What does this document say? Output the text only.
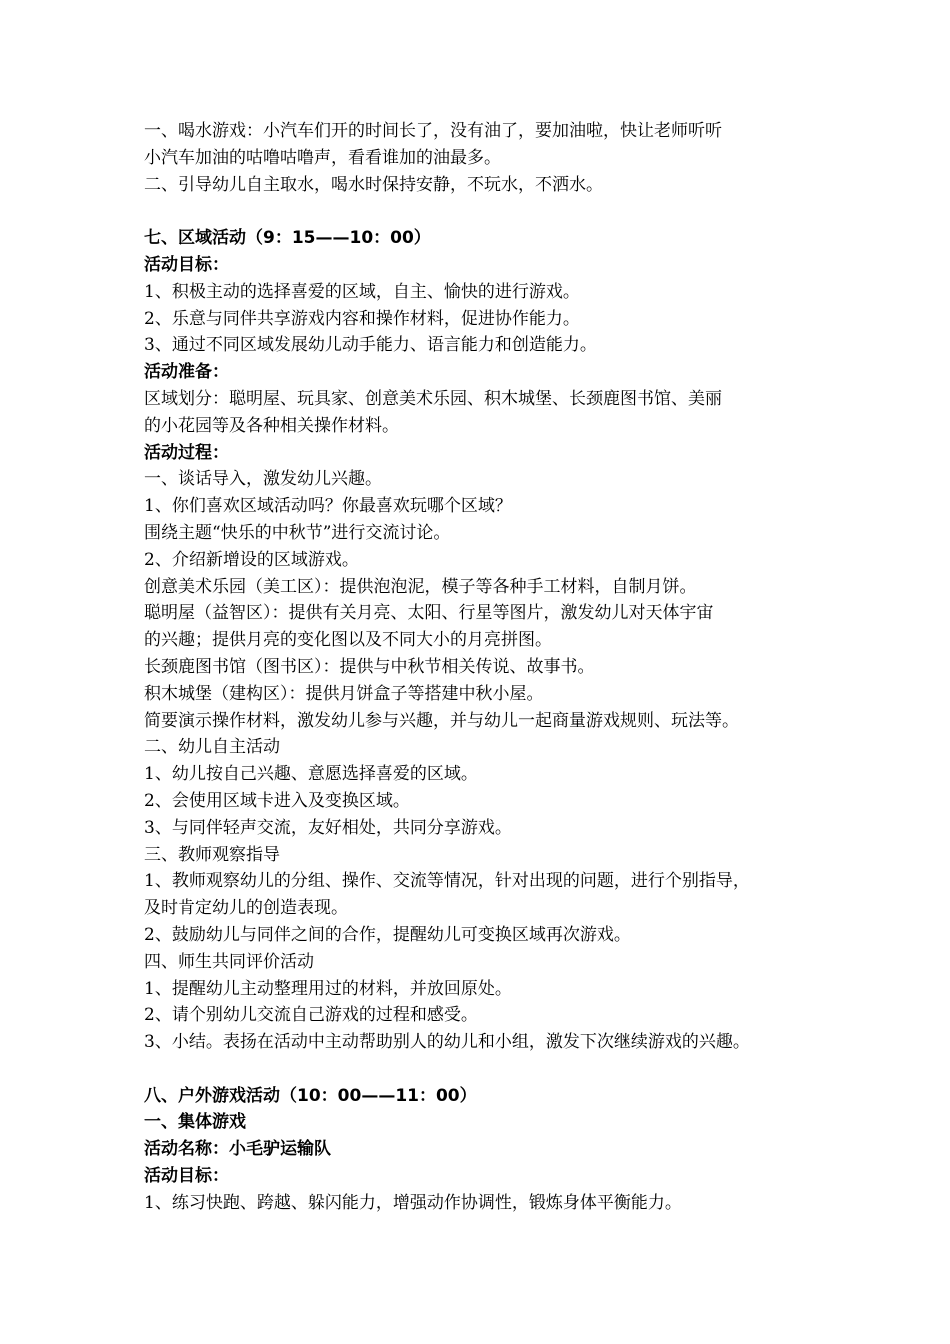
一、喝水游戏：小汽车们开的时间长了，没有油了，要加油啦，快让老师听听
小汽车加油的咕噜咕噜声，看看谁加的油最多。
二、引导幼儿自主取水，喝水时保持安静，不玩水，不洒水。
七、区域活动（9：15——10：00）
活动目标：
1、积极主动的选择喜爱的区域，自主、愉快的进行游戏。
2、乐意与同伴共享游戏内容和操作材料，促进协作能力。
3、通过不同区域发展幼儿动手能力、语言能力和创造能力。
活动准备：
区域划分：聪明屋、玩具家、创意美术乐园、积木城堡、长颈鹿图书馆、美丽
的小花园等及各种相关操作材料。
活动过程：
一、谈话导入，激发幼儿兴趣。
1、你们喜欢区域活动吗？你最喜欢玩哪个区域？
围绕主题“快乐的中秋节”进行交流讨论。
2、介绍新增设的区域游戏。
创意美术乐园（美工区）：提供泡泡泥，模子等各种手工材料，自制月饼。
聪明屋（益智区）：提供有关月亮、太阳、行星等图片，激发幼儿对天体宇宙
的兴趣；提供月亮的变化图以及不同大小的月亮拼图。
长颈鹿图书馆（图书区）：提供与中秋节相关传说、故事书。
积木城堡（建构区）：提供月饼盒子等搭建中秋小屋。
简要演示操作材料，激发幼儿参与兴趣，并与幼儿一起商量游戏规则、玩法等。
二、幼儿自主活动
1、幼儿按自己兴趣、意愿选择喜爱的区域。
2、会使用区域卡进入及变换区域。
3、与同伴轻声交流，友好相处，共同分享游戏。
三、教师观察指导
1、教师观察幼儿的分组、操作、交流等情况，针对出现的问题，进行个别指导，
及时肯定幼儿的创造表现。
2、鼓励幼儿与同伴之间的合作，提醒幼儿可变换区域再次游戏。
四、师生共同评价活动
1、提醒幼儿主动整理用过的材料，并放回原处。
2、请个别幼儿交流自己游戏的过程和感受。
3、小结。表扬在活动中主动帮助别人的幼儿和小组，激发下次继续游戏的兴趣。
八、户外游戏活动（10：00——11：00）
一、集体游戏
活动名称：小毛驴运输队
活动目标：
1、练习快跑、跨越、躲闪能力，增强动作协调性，锻炼身体平衡能力。
